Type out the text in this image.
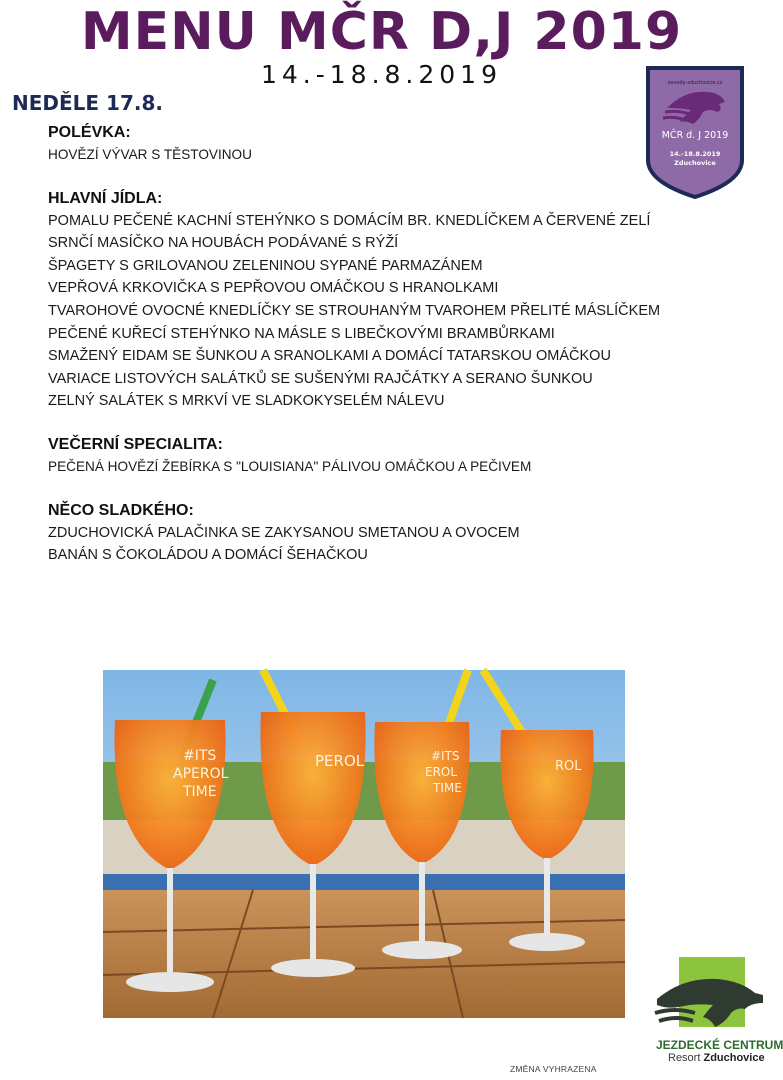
MENU MČR D,J 2019
14.-18.8.2019
NEDĚLE 17.8.
zavody-zduchovice.cz
MČR d. J 2019
14.-18.8.2019
Zduchovice
POLÉVKA:
HOVĚZÍ VÝVAR S TĚSTOVINOU
HLAVNÍ JÍDLA:
POMALU PEČENÉ KACHNÍ STEHÝNKO S DOMÁCÍM BR. KNEDLÍČKEM A ČERVENÉ ZELÍ
SRNČÍ MASÍČKO NA HOUBÁCH PODÁVANÉ S RÝŽÍ
ŠPAGETY S GRILOVANOU ZELENINOU SYPANÉ PARMAZÁNEM
VEPŘOVÁ KRKOVIČKA S PEPŘOVOU OMÁČKOU S HRANOLKAMI
TVAROHOVÉ OVOCNÉ KNEDLÍČKY SE STROUHANÝM TVAROHEM PŘELITÉ MÁSLÍČKEM
PEČENÉ KUŘECÍ STEHÝNKO NA MÁSLE S LIBEČKOVÝMI BRAMBŮRKAMI
SMAŽENÝ EIDAM SE ŠUNKOU A SRANOLKAMI A DOMÁCÍ TATARSKOU OMÁČKOU
VARIACE LISTOVÝCH SALÁTKŮ SE SUŠENÝMI RAJČÁTKY A SERANO ŠUNKOU
ZELNÝ SALÁTEK S MRKVÍ VE SLADKOKYSELÉM NÁLEVU
VEČERNÍ SPECIALITA:
PEČENÁ HOVĚZÍ ŽEBÍRKA S "LOUISIANA" PÁLIVOU OMÁČKOU A PEČIVEM
NĚCO SLADKÉHO:
ZDUCHOVICKÁ PALAČINKA SE ZAKYSANOU SMETANOU A OVOCEM
BANÁN S ČOKOLÁDOU A DOMÁCÍ ŠEHAČKOU
#ITS
APEROL
TIME
PEROL	#ITS
EROL
TIME
ROL
JEZDECKÉ CENTRUM
Resort Zduchovice
ZMĚNA VYHRAZENA
